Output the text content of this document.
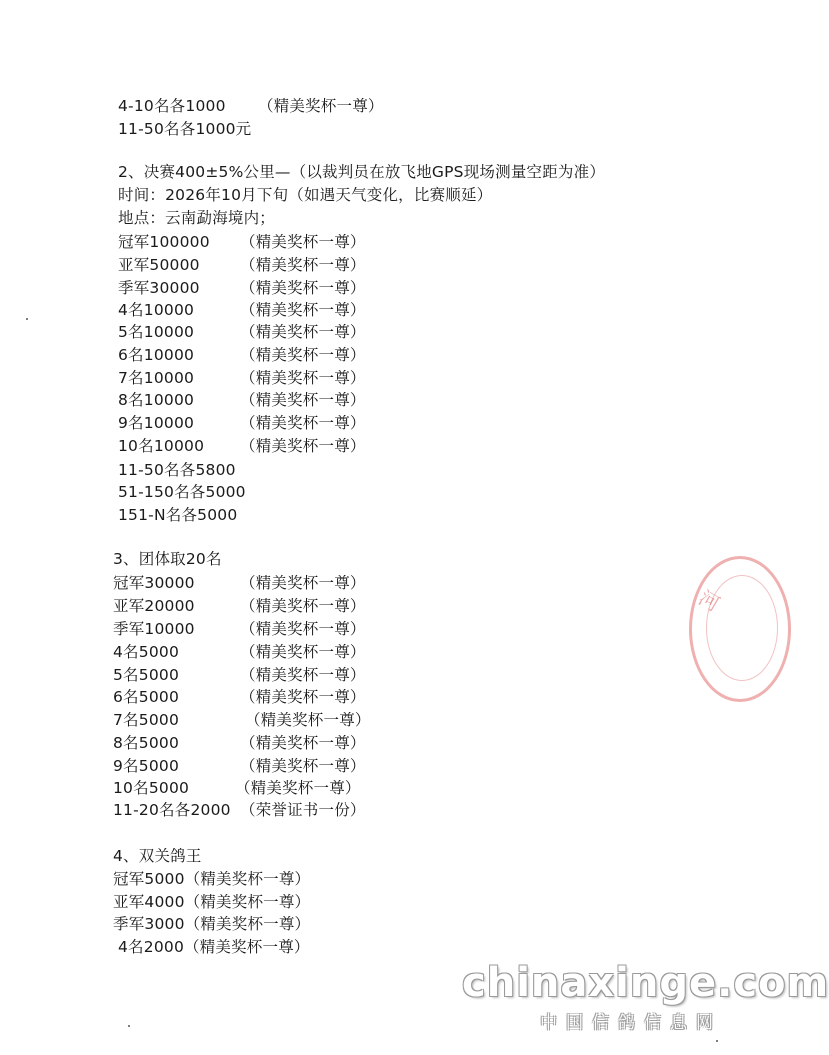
河
chinaxinge.com
中国信鸽信息网
4-10名各1000 （精美奖杯一尊）
11-50名各1000元
2、决赛400±5%公里—（以裁判员在放飞地GPS现场测量空距为准）
时间：2026年10月下旬（如遇天气变化，比赛顺延）
地点：云南勐海境内；
冠军100000 （精美奖杯一尊）
亚军50000	（精美奖杯一尊）
季军30000	（精美奖杯一尊）
4名10000	（精美奖杯一尊）
5名10000	（精美奖杯一尊）
6名10000	（精美奖杯一尊）
7名10000	（精美奖杯一尊）
8名10000	（精美奖杯一尊）
9名10000	（精美奖杯一尊）
10名10000 （精美奖杯一尊）
11-50名各5800
51-150名各5000
151-N名各5000
3、团体取20名
冠军30000	（精美奖杯一尊）
亚军20000	（精美奖杯一尊）
季军10000	（精美奖杯一尊）
4名5000	（精美奖杯一尊）
5名5000	（精美奖杯一尊）
6名5000	（精美奖杯一尊）
7名5000	（精美奖杯一尊）
8名5000	（精美奖杯一尊）
9名5000	（精美奖杯一尊）
10名5000	（精美奖杯一尊）
11-20名各2000 （荣誉证书一份）
4、双关鸽王
冠军5000（精美奖杯一尊）
亚军4000（精美奖杯一尊）
季军3000（精美奖杯一尊）
4名2000（精美奖杯一尊）
